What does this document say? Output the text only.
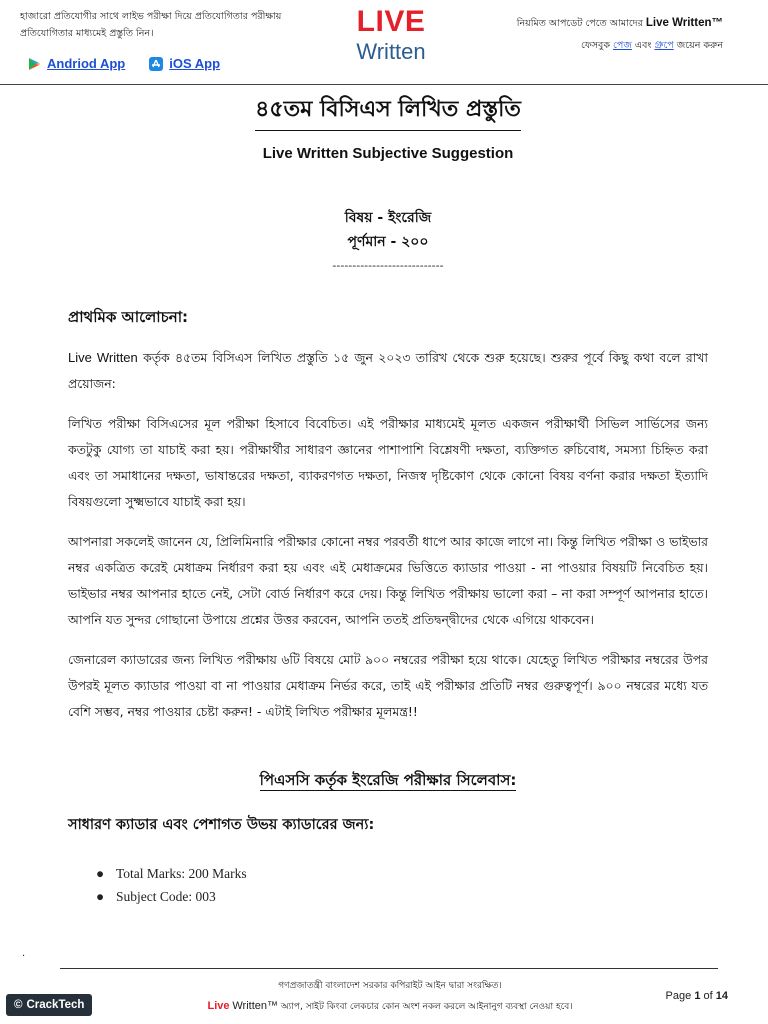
হাজারো প্রতিযোগীর সাথে লাইভ পরীক্ষা দিয়ে প্রতিযোগিতার পরীক্ষায়
প্রতিযোগিতার মাধ্যমেই প্রস্তুতি নিন।	LIVE
Written
নিয়মিত আপডেট পেতে আমাদের Live Written™
ফেসবুক পেজ এবং গ্রুপে জয়েন করুন
Andriod App	iOS App
৪৫তম বিসিএস লিখিত প্রস্তুতি
Live Written Subjective Suggestion
বিষয় - ইংরেজি
পূর্ণমান - ২০০
----------------------------
প্রাথমিক আলোচনা:

Live Written কর্তৃক ৪৫তম বিসিএস লিখিত প্রস্তুতি ১৫ জুন ২০২৩ তারিখ থেকে শুরু হয়েছে। শুরুর পূর্বে কিছু কথা বলে রাখা প্রয়োজন:

লিখিত পরীক্ষা বিসিএসের মূল পরীক্ষা হিসাবে বিবেচিত। এই পরীক্ষার মাধ্যমেই মূলত একজন পরীক্ষার্থী সিভিল সার্ভিসের জন্য কতটুকু যোগ্য তা যাচাই করা হয়। পরীক্ষার্থীর সাধারণ জ্ঞানের পাশাপাশি বিশ্লেষণী দক্ষতা, ব্যক্তিগত রুচিবোধ, সমস্যা চিহ্নিত করা এবং তা সমাধানের দক্ষতা, ভাষান্তরের দক্ষতা, ব্যাকরণগত দক্ষতা, নিজস্ব দৃষ্টিকোণ থেকে কোনো বিষয় বর্ণনা করার দক্ষতা ইত্যাদি বিষয়গুলো সুক্ষ্মভাবে যাচাই করা হয়।

আপনারা সকলেই জানেন যে, প্রিলিমিনারি পরীক্ষার কোনো নম্বর পরবর্তী ধাপে আর কাজে লাগে না। কিন্তু লিখিত পরীক্ষা ও ভাইভার নম্বর একত্রিত করেই মেধাক্রম নির্ধারণ করা হয় এবং এই মেধাক্রমের ভিত্তিতে ক্যাডার পাওয়া - না পাওয়ার বিষয়টি নিবেচিত হয়। ভাইভার নম্বর আপনার হাতে নেই, সেটা বোর্ড নির্ধারণ করে দেয়। কিন্তু লিখিত পরীক্ষায় ভালো করা – না করা সম্পূর্ণ আপনার হাতে। আপনি যত সুন্দর গোছানো উপায়ে প্রশ্নের উত্তর করবেন, আপনি ততই প্রতিদ্বন্দ্বীদের থেকে এগিয়ে থাকবেন।

জেনারেল ক্যাডারের জন্য লিখিত পরীক্ষায় ৬টি বিষয়ে মোট ৯০০ নম্বরের পরীক্ষা হয়ে থাকে। যেহেতু লিখিত পরীক্ষার নম্বরের উপর উপরই মূলত ক্যাডার পাওয়া বা না পাওয়ার মেধাক্রম নির্ভর করে, তাই এই পরীক্ষার প্রতিটি নম্বর গুরুত্বপূর্ণ। ৯০০ নম্বরের মধ্যে যত বেশি সম্ভব, নম্বর পাওয়ার চেষ্টা করুন! - এটাই লিখিত পরীক্ষার মূলমন্ত্র!!

পিএসসি কর্তৃক ইংরেজি পরীক্ষার সিলেবাস:
সাধারণ ক্যাডার এবং পেশাগত উভয় ক্যাডারের জন্য:
● Total Marks: 200 Marks
● Subject Code: 003
.
গণপ্রজাতন্ত্রী বাংলাদেশ সরকার কপিরাইট আইন দ্বারা সংরক্ষিত।
Live Written™ অ্যাপ, সাইট কিংবা লেকচার কোন অংশ নকল করলে আইনানুগ ব্যবস্থা নেওয়া হবে।
Page 1 of 14
© CrackTech
